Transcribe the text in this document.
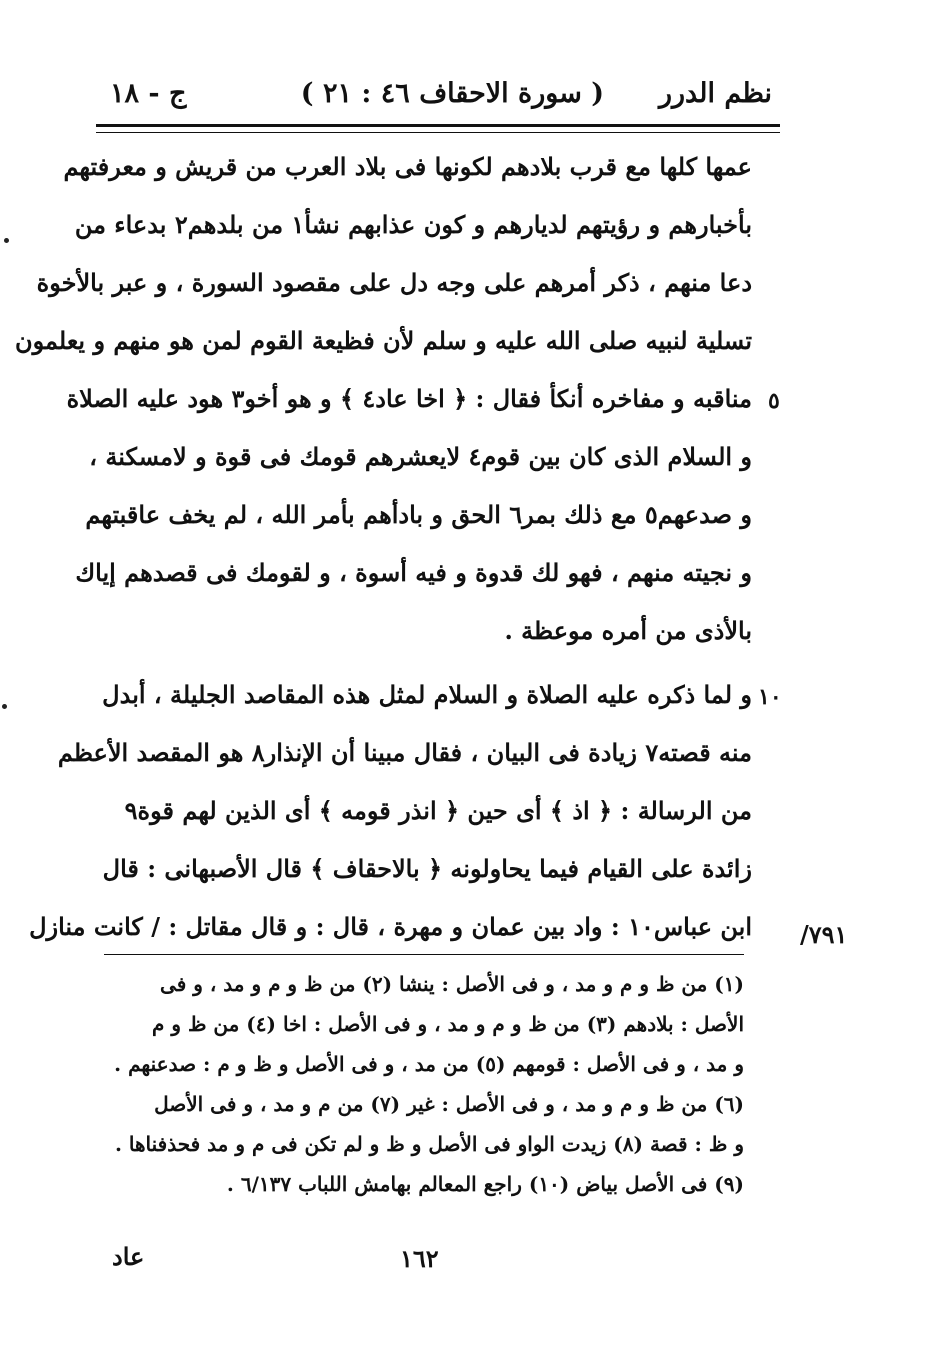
نظم الدرر
( سورة الاحقاف ٤٦ : ٢١ )
ج - ١٨
عمها كلها مع قرب بلادهم لكونها فى بلاد العرب من قريش و معرفتهم
بأخبارهم و رؤيتهم لديارهم و كون عذابهم نشأ١ من بلدهم٢ بدعاء من
دعا منهم ، ذكر أمرهم على وجه دل على مقصود السورة ، و عبر بالأخوة
تسلية لنبيه صلى الله عليه و سلم لأن فظيعة القوم لمن هو منهم و يعلمون
مناقبه و مفاخره أنكأ فقال : ﴿ اخا عاد٤ ﴾ و هو أخو٣ هود عليه الصلاة
و السلام الذى كان بين قوم٤ لايعشرهم قومك فى قوة و لامسكنة ،
و صدعهم٥ مع ذلك بمر٦ الحق و بادأهم بأمر الله ، لم يخف عاقبتهم
و نجيته منهم ، فهو لك قدوة و فيه أسوة ، و لقومك فى قصدهم إياك
بالأذى من أمره موعظة .
و لما ذكره عليه الصلاة و السلام لمثل هذه المقاصد الجليلة ، أبدل
منه قصته٧ زيادة فى البيان ، فقال مبينا أن الإنذار٨ هو المقصد الأعظم
من الرسالة : ﴿ اذ ﴾ أى حين ﴿ انذر قومه ﴾ أى الذين لهم قوة٩
زائدة على القيام فيما يحاولونه ﴿ بالاحقاف ﴾ قال الأصبهانى : قال
ابن عباس١٠ : واد بين عمان و مهرة ، قال : و قال مقاتل : / كانت منازل
٥
١٠
/٧٩١
(١) من ظ و م و مد ، و فى الأصل : ينشا (٢) من ظ و م و مد ، و فى
الأصل : بلادهم (٣) من ظ و م و مد ، و فى الأصل : اخا (٤) من ظ و م
و مد ، و فى الأصل : قومهم (٥) من مد ، و فى الأصل و ظ و م : صدعنهم .
(٦) من ظ و م و مد ، و فى الأصل : غير (٧) من م و مد ، و فى الأصل
و ظ : قصة (٨) زيدت الواو فى الأصل و ظ و لم تكن فى م و مد فحذفناها .
(٩) فى الأصل بياض (١٠) راجع المعالم بهامش اللباب ٦/١٣٧ .
١٦٢
عاد
